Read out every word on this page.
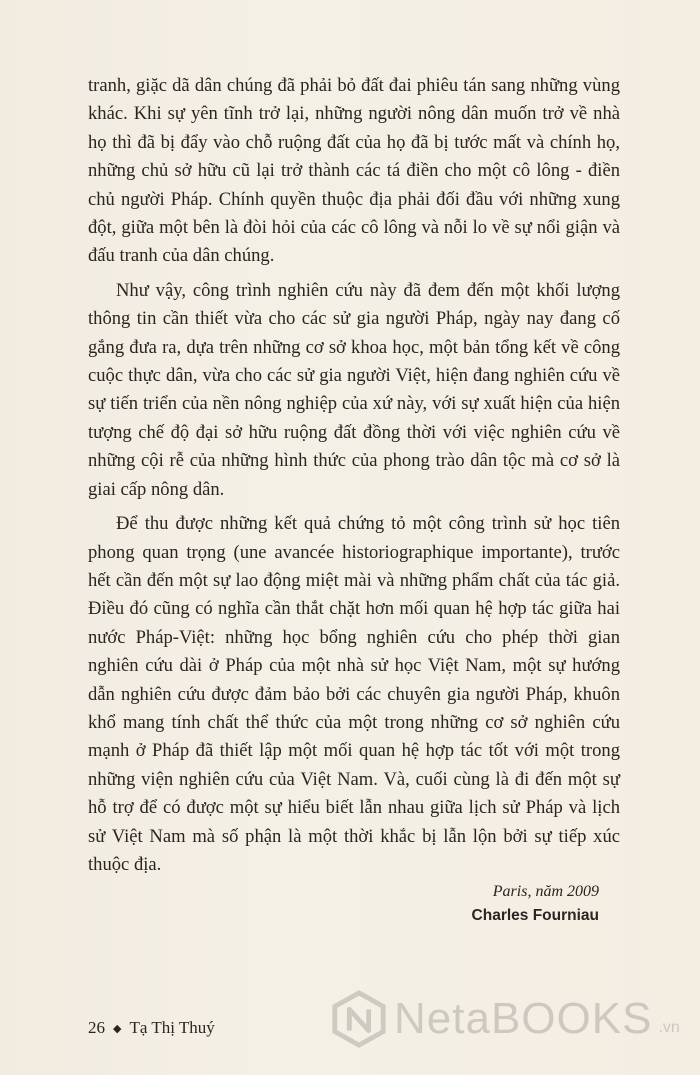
tranh, giặc dã dân chúng đã phải bỏ đất đai phiêu tán sang những vùng khác. Khi sự yên tĩnh trở lại, những người nông dân muốn trở về nhà họ thì đã bị đẩy vào chỗ ruộng đất của họ đã bị tước mất và chính họ, những chủ sở hữu cũ lại trở thành các tá điền cho một cô lông - điền chủ người Pháp. Chính quyền thuộc địa phải đối đầu với những xung đột, giữa một bên là đòi hỏi của các cô lông và nỗi lo về sự nổi giận và đấu tranh của dân chúng.

Như vậy, công trình nghiên cứu này đã đem đến một khối lượng thông tin cần thiết vừa cho các sử gia người Pháp, ngày nay đang cố gắng đưa ra, dựa trên những cơ sở khoa học, một bản tổng kết về công cuộc thực dân, vừa cho các sử gia người Việt, hiện đang nghiên cứu về sự tiến triển của nền nông nghiệp của xứ này, với sự xuất hiện của hiện tượng chế độ đại sở hữu ruộng đất đồng thời với việc nghiên cứu về những cội rễ của những hình thức của phong trào dân tộc mà cơ sở là giai cấp nông dân.

Để thu được những kết quả chứng tỏ một công trình sử học tiên phong quan trọng (une avancée historiographique importante), trước hết cần đến một sự lao động miệt mài và những phẩm chất của tác giả. Điều đó cũng có nghĩa cần thắt chặt hơn mối quan hệ hợp tác giữa hai nước Pháp-Việt: những học bổng nghiên cứu cho phép thời gian nghiên cứu dài ở Pháp của một nhà sử học Việt Nam, một sự hướng dẫn nghiên cứu được đảm bảo bởi các chuyên gia người Pháp, khuôn khổ mang tính chất thể thức của một trong những cơ sở nghiên cứu mạnh ở Pháp đã thiết lập một mối quan hệ hợp tác tốt với một trong những viện nghiên cứu của Việt Nam. Và, cuối cùng là đi đến một sự hỗ trợ để có được một sự hiểu biết lẫn nhau giữa lịch sử Pháp và lịch sử Việt Nam mà số phận là một thời khắc bị lẫn lộn bởi sự tiếp xúc thuộc địa.

Paris, năm 2009
Charles Fourniau
26 ◆ Tạ Thị Thuý	NetaBOOKS .vn
